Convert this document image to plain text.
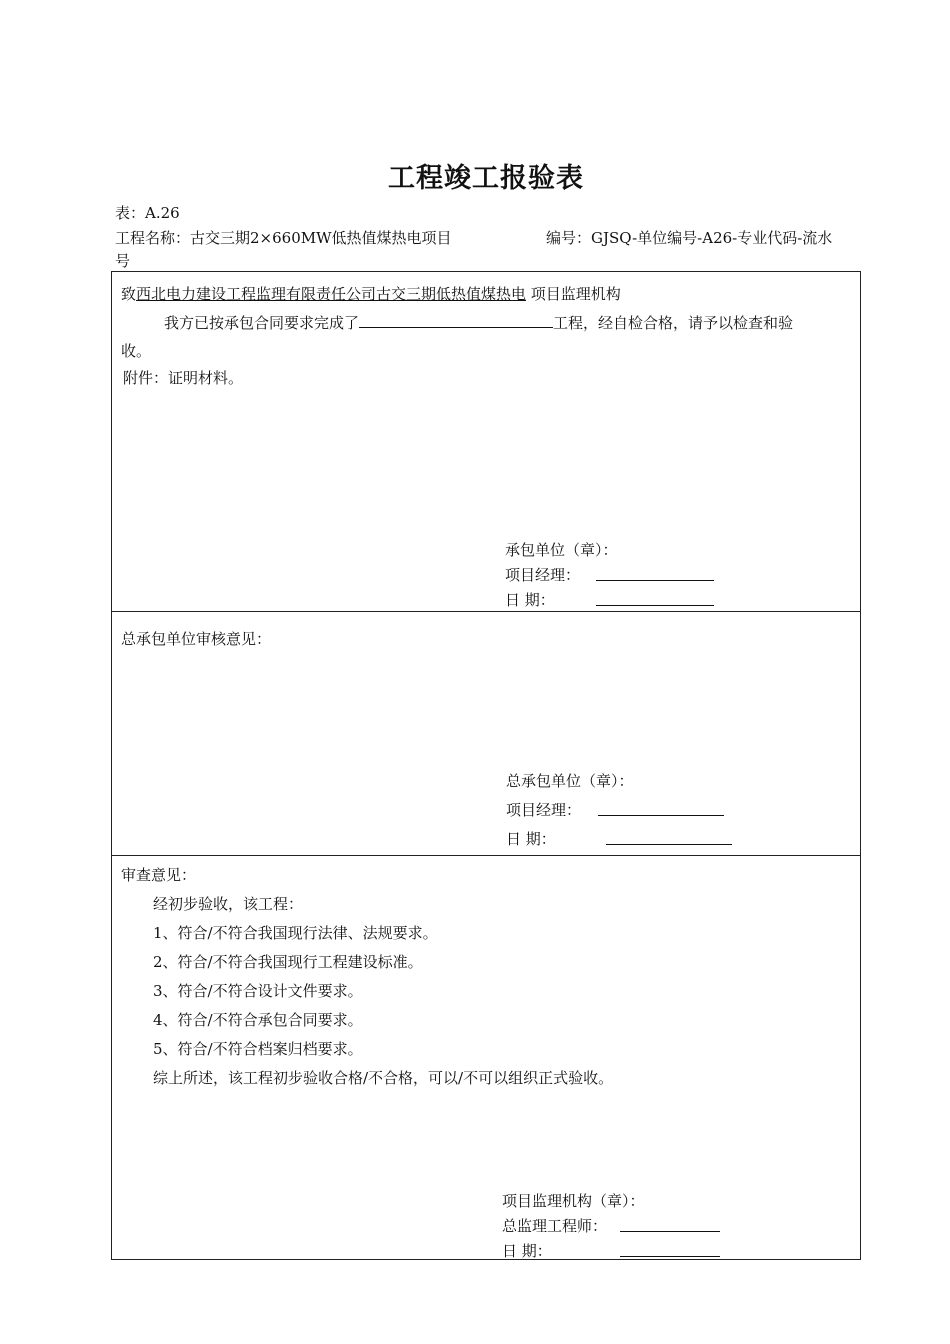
工程竣工报验表
表：A.26
工程名称：古交三期2×660MW低热值煤热电项目	编号：GJSQ-单位编号-A26-专业代码-流水
号
致西北电力建设工程监理有限责任公司古交三期低热值煤热电 项目监理机构
我方已按承包合同要求完成了	工程，经自检合格，请予以检查和验
收。
附件：证明材料。
承包单位（章）：
项目经理：
日 期：
总承包单位审核意见：
总承包单位（章）：
项目经理：
日 期：
审查意见：
经初步验收，该工程：
1、符合/不符合我国现行法律、法规要求。
2、符合/不符合我国现行工程建设标准。
3、符合/不符合设计文件要求。
4、符合/不符合承包合同要求。
5、符合/不符合档案归档要求。
综上所述，该工程初步验收合格/不合格，可以/不可以组织正式验收。
项目监理机构（章）：
总监理工程师：
日 期：
